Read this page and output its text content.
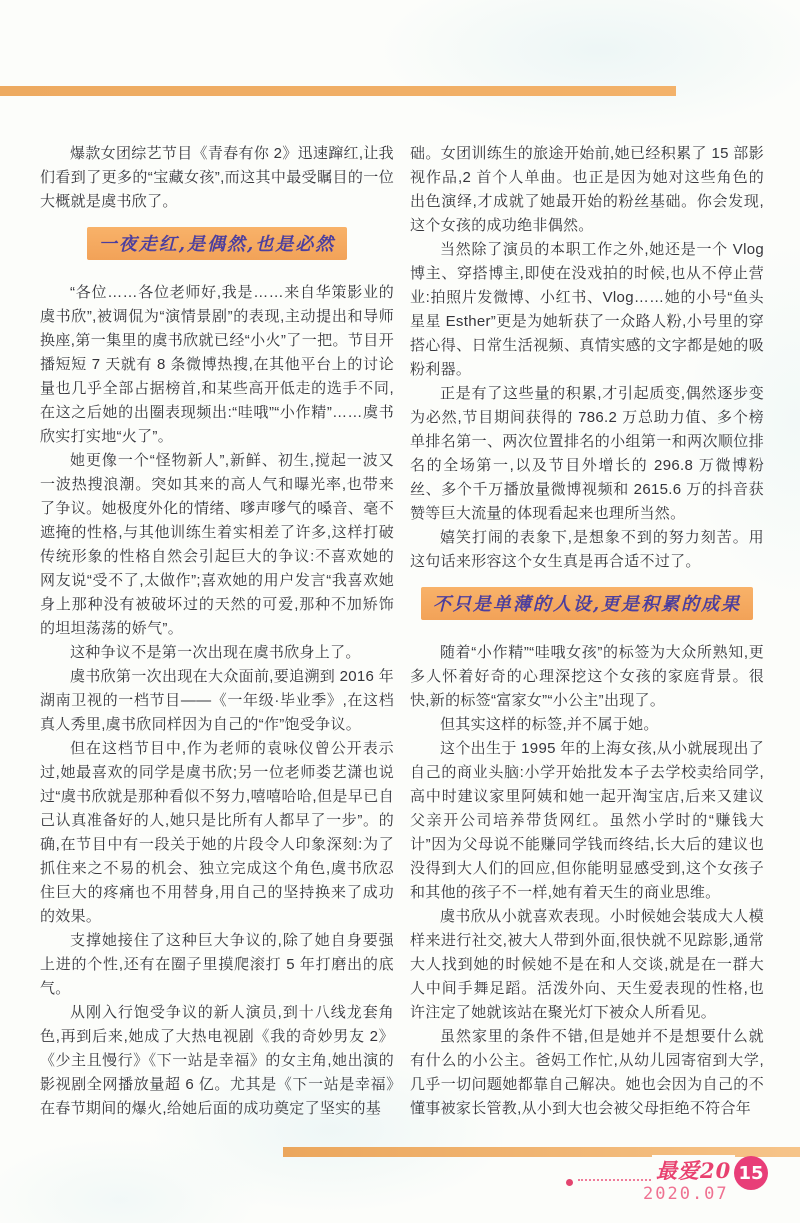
爆款女团综艺节目《青春有你 2》迅速蹿红,让我们看到了更多的“宝藏女孩”,而这其中最受瞩目的一位大概就是虞书欣了。

一夜走红,是偶然,也是必然

“各位……各位老师好,我是……来自华策影业的虞书欣”,被调侃为“演情景剧”的表现,主动提出和导师换座,第一集里的虞书欣就已经“小火”了一把。节目开播短短 7 天就有 8 条微博热搜,在其他平台上的讨论量也几乎全部占据榜首,和某些高开低走的选手不同,在这之后她的出圈表现频出:“哇哦”“小作精”……虞书欣实打实地“火了”。

她更像一个“怪物新人”,新鲜、初生,搅起一波又一波热搜浪潮。突如其来的高人气和曝光率,也带来了争议。她极度外化的情绪、嗲声嗲气的嗓音、毫不遮掩的性格,与其他训练生着实相差了许多,这样打破传统形象的性格自然会引起巨大的争议:不喜欢她的网友说“受不了,太做作”;喜欢她的用户发言“我喜欢她身上那种没有被破坏过的天然的可爱,那种不加矫饰的坦坦荡荡的娇气”。

这种争议不是第一次出现在虞书欣身上了。

虞书欣第一次出现在大众面前,要追溯到 2016 年湖南卫视的一档节目——《一年级·毕业季》,在这档真人秀里,虞书欣同样因为自己的“作”饱受争议。

但在这档节目中,作为老师的袁咏仪曾公开表示过,她最喜欢的同学是虞书欣;另一位老师娄艺潇也说过“虞书欣就是那种看似不努力,嘻嘻哈哈,但是早已自己认真准备好的人,她只是比所有人都早了一步”。的确,在节目中有一段关于她的片段令人印象深刻:为了抓住来之不易的机会、独立完成这个角色,虞书欣忍住巨大的疼痛也不用替身,用自己的坚持换来了成功的效果。

支撑她接住了这种巨大争议的,除了她自身要强上进的个性,还有在圈子里摸爬滚打 5 年打磨出的底气。

从刚入行饱受争议的新人演员,到十八线龙套角色,再到后来,她成了大热电视剧《我的奇妙男友 2》《少主且慢行》《下一站是幸福》的女主角,她出演的影视剧全网播放量超 6 亿。尤其是《下一站是幸福》在春节期间的爆火,给她后面的成功奠定了坚实的基

础。女团训练生的旅途开始前,她已经积累了 15 部影视作品,2 首个人单曲。也正是因为她对这些角色的出色演绎,才成就了她最开始的粉丝基础。你会发现,这个女孩的成功绝非偶然。

当然除了演员的本职工作之外,她还是一个 Vlog 博主、穿搭博主,即使在没戏拍的时候,也从不停止营业:拍照片发微博、小红书、Vlog……她的小号“鱼头星星 Esther”更是为她斩获了一众路人粉,小号里的穿搭心得、日常生活视频、真情实感的文字都是她的吸粉利器。

正是有了这些量的积累,才引起质变,偶然逐步变为必然,节目期间获得的 786.2 万总助力值、多个榜单排名第一、两次位置排名的小组第一和两次顺位排名的全场第一,以及节目外增长的 296.8 万微博粉丝、多个千万播放量微博视频和 2615.6 万的抖音获赞等巨大流量的体现看起来也理所当然。

嬉笑打闹的表象下,是想象不到的努力刻苦。用这句话来形容这个女生真是再合适不过了。

不只是单薄的人设,更是积累的成果

随着“小作精”“哇哦女孩”的标签为大众所熟知,更多人怀着好奇的心理深挖这个女孩的家庭背景。很快,新的标签“富家女”“小公主”出现了。

但其实这样的标签,并不属于她。

这个出生于 1995 年的上海女孩,从小就展现出了自己的商业头脑:小学开始批发本子去学校卖给同学,高中时建议家里阿姨和她一起开淘宝店,后来又建议父亲开公司培养带货网红。虽然小学时的“赚钱大计”因为父母说不能赚同学钱而终结,长大后的建议也没得到大人们的回应,但你能明显感受到,这个女孩子和其他的孩子不一样,她有着天生的商业思维。

虞书欣从小就喜欢表现。小时候她会装成大人模样来进行社交,被大人带到外面,很快就不见踪影,通常大人找到她的时候她不是在和人交谈,就是在一群大人中间手舞足蹈。活泼外向、天生爱表现的性格,也许注定了她就该站在聚光灯下被众人所看见。

虽然家里的条件不错,但是她并不是想要什么就有什么的小公主。爸妈工作忙,从幼儿园寄宿到大学,几乎一切问题她都靠自己解决。她也会因为自己的不懂事被家长管教,从小到大也会被父母拒绝不符合年

最爱20
2020.07
15
